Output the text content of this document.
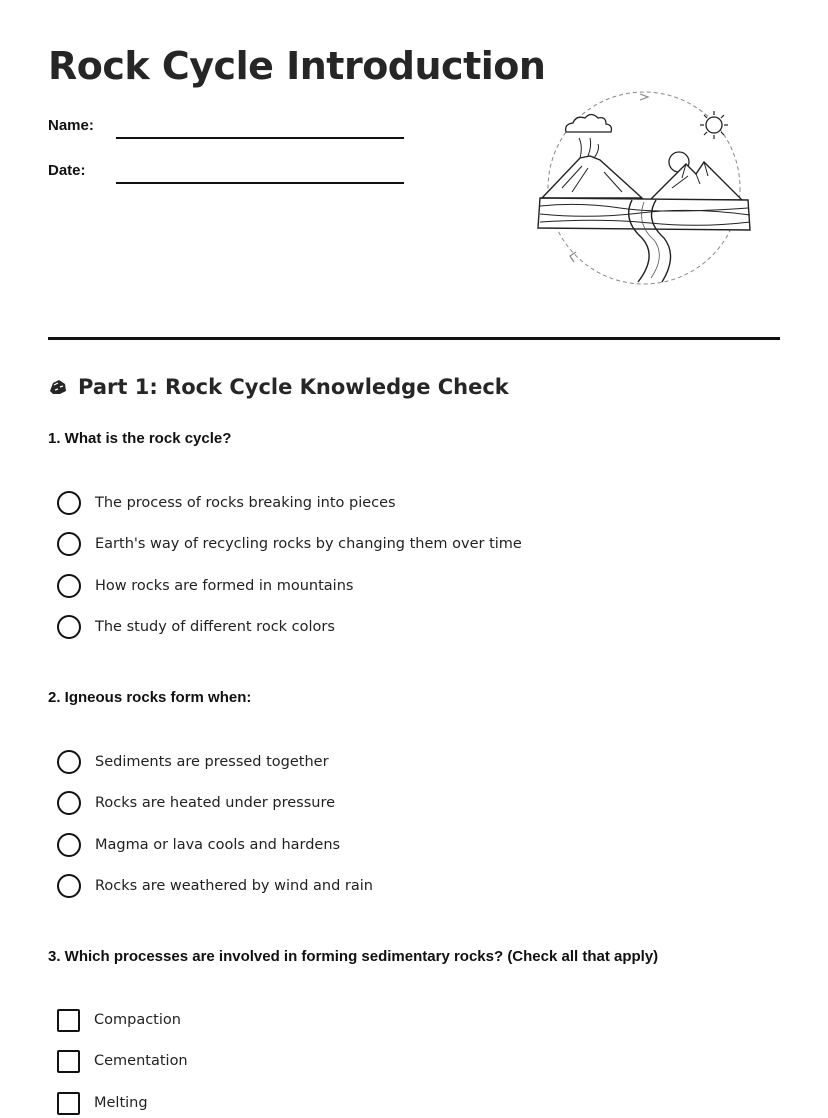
Rock Cycle Introduction
Name:
Date:
Part 1: Rock Cycle Knowledge Check

1. What is the rock cycle?

The process of rocks breaking into pieces
Earth's way of recycling rocks by changing them over time
How rocks are formed in mountains
The study of different rock colors

2. Igneous rocks form when:

Sediments are pressed together
Rocks are heated under pressure
Magma or lava cools and hardens
Rocks are weathered by wind and rain

3. Which processes are involved in forming sedimentary rocks? (Check all that apply)

Compaction
Cementation
Melting
